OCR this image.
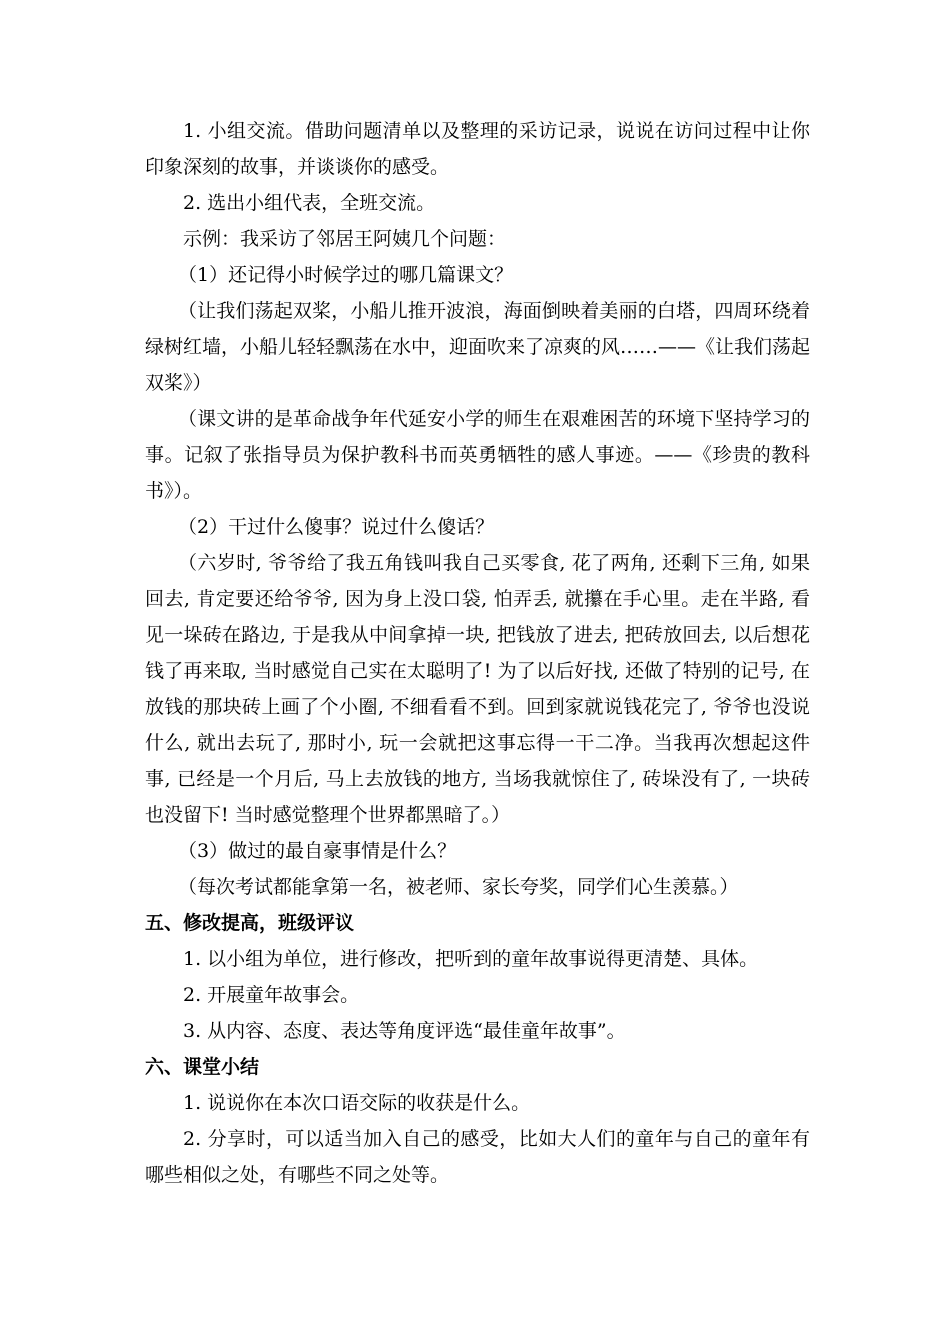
1. 小组交流。借助问题清单以及整理的采访记录，说说在访问过程中让你印象深刻的故事，并谈谈你的感受。

2. 选出小组代表，全班交流。

示例：我采访了邻居王阿姨几个问题：

（1）还记得小时候学过的哪几篇课文？

（让我们荡起双桨，小船儿推开波浪，海面倒映着美丽的白塔，四周环绕着绿树红墙，小船儿轻轻飘荡在水中，迎面吹来了凉爽的风……——《让我们荡起双桨》）

（课文讲的是革命战争年代延安小学的师生在艰难困苦的环境下坚持学习的事。记叙了张指导员为保护教科书而英勇牺牲的感人事迹。——《珍贵的教科书》）。

（2）干过什么傻事？说过什么傻话？

（六岁时, 爷爷给了我五角钱叫我自己买零食, 花了两角, 还剩下三角, 如果回去, 肯定要还给爷爷, 因为身上没口袋, 怕弄丢, 就攥在手心里。走在半路, 看见一垛砖在路边, 于是我从中间拿掉一块, 把钱放了进去, 把砖放回去, 以后想花钱了再来取, 当时感觉自己实在太聪明了! 为了以后好找, 还做了特别的记号, 在放钱的那块砖上画了个小圈, 不细看看不到。回到家就说钱花完了, 爷爷也没说什么, 就出去玩了, 那时小, 玩一会就把这事忘得一干二净。当我再次想起这件事, 已经是一个月后, 马上去放钱的地方, 当场我就惊住了, 砖垛没有了, 一块砖也没留下! 当时感觉整理个世界都黑暗了。）

（3）做过的最自豪事情是什么？

（每次考试都能拿第一名，被老师、家长夸奖，同学们心生羡慕。）

五、修改提高，班级评议

1. 以小组为单位，进行修改，把听到的童年故事说得更清楚、具体。

2. 开展童年故事会。

3. 从内容、态度、表达等角度评选“最佳童年故事”。

六、课堂小结

1. 说说你在本次口语交际的收获是什么。

2. 分享时，可以适当加入自己的感受，比如大人们的童年与自己的童年有哪些相似之处，有哪些不同之处等。
